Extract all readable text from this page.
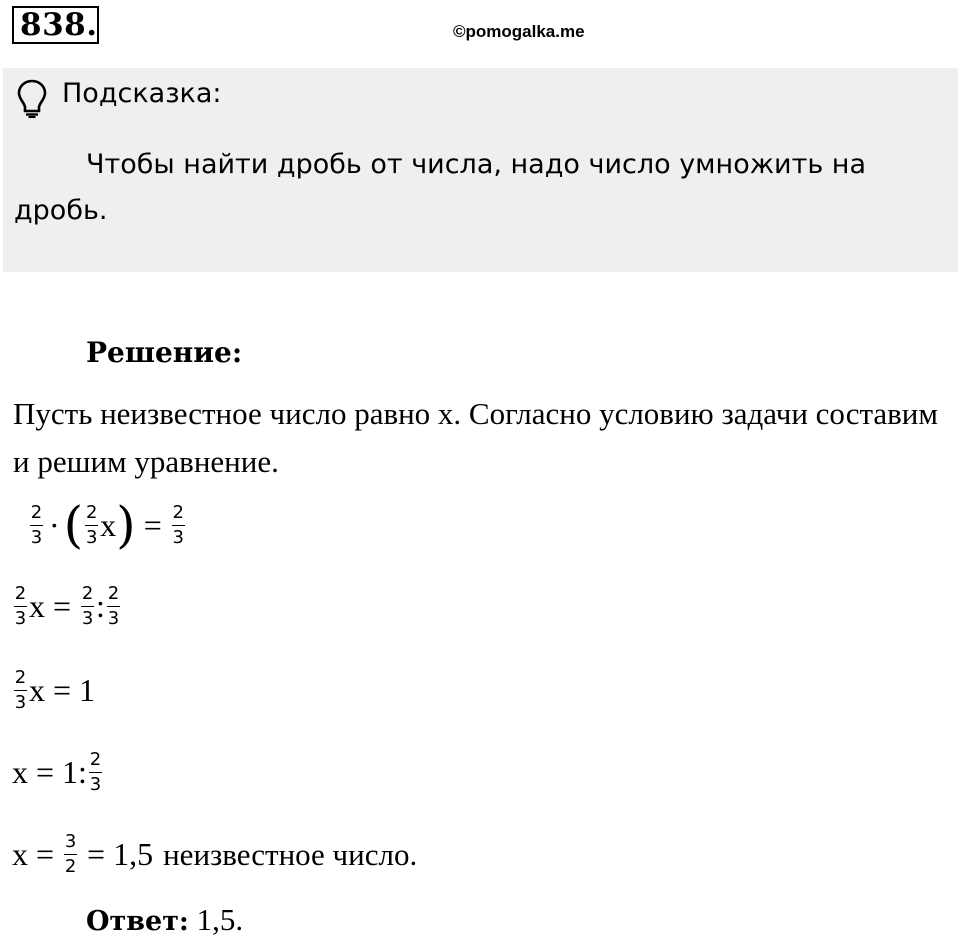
838.	©pomogalka.me
Подсказка:
Чтобы найти дробь от числа, надо число умножить на дробь.
Решение:
Пусть неизвестное число равно x. Согласно условию задачи составим и решим уравнение.
$\frac{2}{3}$ · ( $\frac{2}{3}$ x ) = $\frac{2}{3}$
$\frac{2}{3}$ $x = \frac{2}{3}$ : $\frac{2}{3}$
$\frac{2}{3}$ x = 1
x = 1 : $\frac{2}{3}$
$x = \frac{3}{2} = 1,5$ неизвестное число.
Ответ: 1,5.
